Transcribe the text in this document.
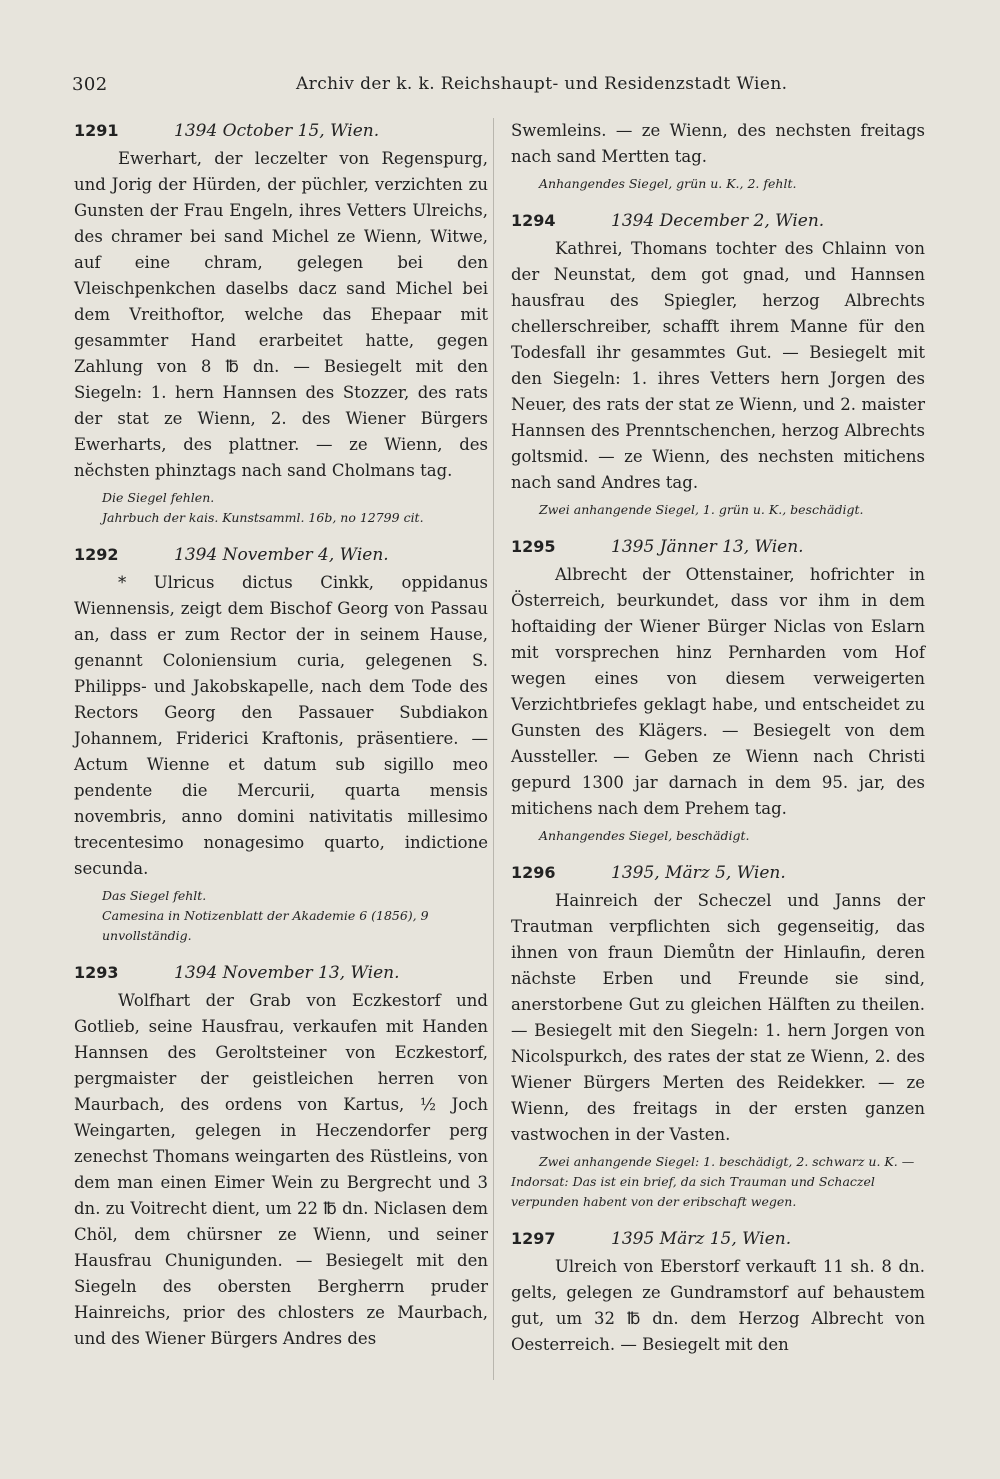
302	Archiv der k. k. Reichshaupt- und Residenzstadt Wien.
1291	1394 October 15, Wien.

Ewerhart, der leczelter von Regenspurg, und Jorig der Hürden, der püchler, verzichten zu Gunsten der Frau Engeln, ihres Vetters Ulreichs, des chramer bei sand Michel ze Wienn, Witwe, auf eine chram, gelegen bei den Vleischpenkchen daselbs dacz sand Michel bei dem Vreithoftor, welche das Ehepaar mit gesammter Hand erarbeitet hatte, gegen Zahlung von 8 ℔ dn. — Besiegelt mit den Siegeln: 1. hern Hannsen des Stozzer, des rats der stat ze Wienn, 2. des Wiener Bürgers Ewerharts, des plattner. — ze Wienn, des nĕchsten phinztags nach sand Cholmans tag.

Die Siegel fehlen.
Jahrbuch der kais. Kunstsamml. 16b, no 12799 cit.
1292	1394 November 4, Wien.

* Ulricus dictus Cinkk, oppidanus Wiennensis, zeigt dem Bischof Georg von Passau an, dass er zum Rector der in seinem Hause, genannt Coloniensium curia, gelegenen S. Philipps- und Jakobskapelle, nach dem Tode des Rectors Georg den Passauer Subdiakon Johannem, Friderici Kraftonis, präsentiere. — Actum Wienne et datum sub sigillo meo pendente die Mercurii, quarta mensis novembris, anno domini nativitatis millesimo trecentesimo nonagesimo quarto, indictione secunda.

Das Siegel fehlt.
Camesina in Notizenblatt der Akademie 6 (1856), 9 unvollständig.
1293	1394 November 13, Wien.

Wolfhart der Grab von Eczkestorf und Gotlieb, seine Hausfrau, verkaufen mit Handen Hannsen des Geroltsteiner von Eczkestorf, pergmaister der geistleichen herren von Maurbach, des ordens von Kartus, ½ Joch Weingarten, gelegen in Heczendorfer perg zenechst Thomans weingarten des Rüstleins, von dem man einen Eimer Wein zu Bergrecht und 3 dn. zu Voitrecht dient, um 22 ℔ dn. Niclasen dem Chöl, dem chürsner ze Wienn, und seiner Hausfrau Chunigunden. — Besiegelt mit den Siegeln des obersten Bergherrn pruder Hainreichs, prior des chlosters ze Maurbach, und des Wiener Bürgers Andres des

Swemleins. — ze Wienn, des nechsten freitags nach sand Mertten tag.

Anhangendes Siegel, grün u. K., 2. fehlt.
1294	1394 December 2, Wien.

Kathrei, Thomans tochter des Chlainn von der Neunstat, dem got gnad, und Hannsen hausfrau des Spiegler, herzog Albrechts chellerschreiber, schafft ihrem Manne für den Todesfall ihr gesammtes Gut. — Besiegelt mit den Siegeln: 1. ihres Vetters hern Jorgen des Neuer, des rats der stat ze Wienn, und 2. maister Hannsen des Prenntschenchen, herzog Albrechts goltsmid. — ze Wienn, des nechsten mitichens nach sand Andres tag.

Zwei anhangende Siegel, 1. grün u. K., beschädigt.
1295	1395 Jänner 13, Wien.

Albrecht der Ottenstainer, hofrichter in Österreich, beurkundet, dass vor ihm in dem hoftaiding der Wiener Bürger Niclas von Eslarn mit vorsprechen hinz Pernharden vom Hof wegen eines von diesem verweigerten Verzichtbriefes geklagt habe, und entscheidet zu Gunsten des Klägers. — Besiegelt von dem Aussteller. — Geben ze Wienn nach Christi gepurd 1300 jar darnach in dem 95. jar, des mitichens nach dem Prehem tag.

Anhangendes Siegel, beschädigt.
1296	1395, März 5, Wien.

Hainreich der Scheczel und Janns der Trautman verpflichten sich gegenseitig, das ihnen von fraun Diemůtn der Hinlaufin, deren nächste Erben und Freunde sie sind, anerstorbene Gut zu gleichen Hälften zu theilen. — Besiegelt mit den Siegeln: 1. hern Jorgen von Nicolspurkch, des rates der stat ze Wienn, 2. des Wiener Bürgers Merten des Reidekker. — ze Wienn, des freitags in der ersten ganzen vastwochen in der Vasten.

Zwei anhangende Siegel: 1. beschädigt, 2. schwarz u. K. — Indorsat: Das ist ein brief, da sich Trauman und Schaczel verpunden habent von der eribschaft wegen.
1297	1395 März 15, Wien.

Ulreich von Eberstorf verkauft 11 sh. 8 dn. gelts, gelegen ze Gundramstorf auf behaustem gut, um 32 ℔ dn. dem Herzog Albrecht von Oesterreich. — Besiegelt mit den
